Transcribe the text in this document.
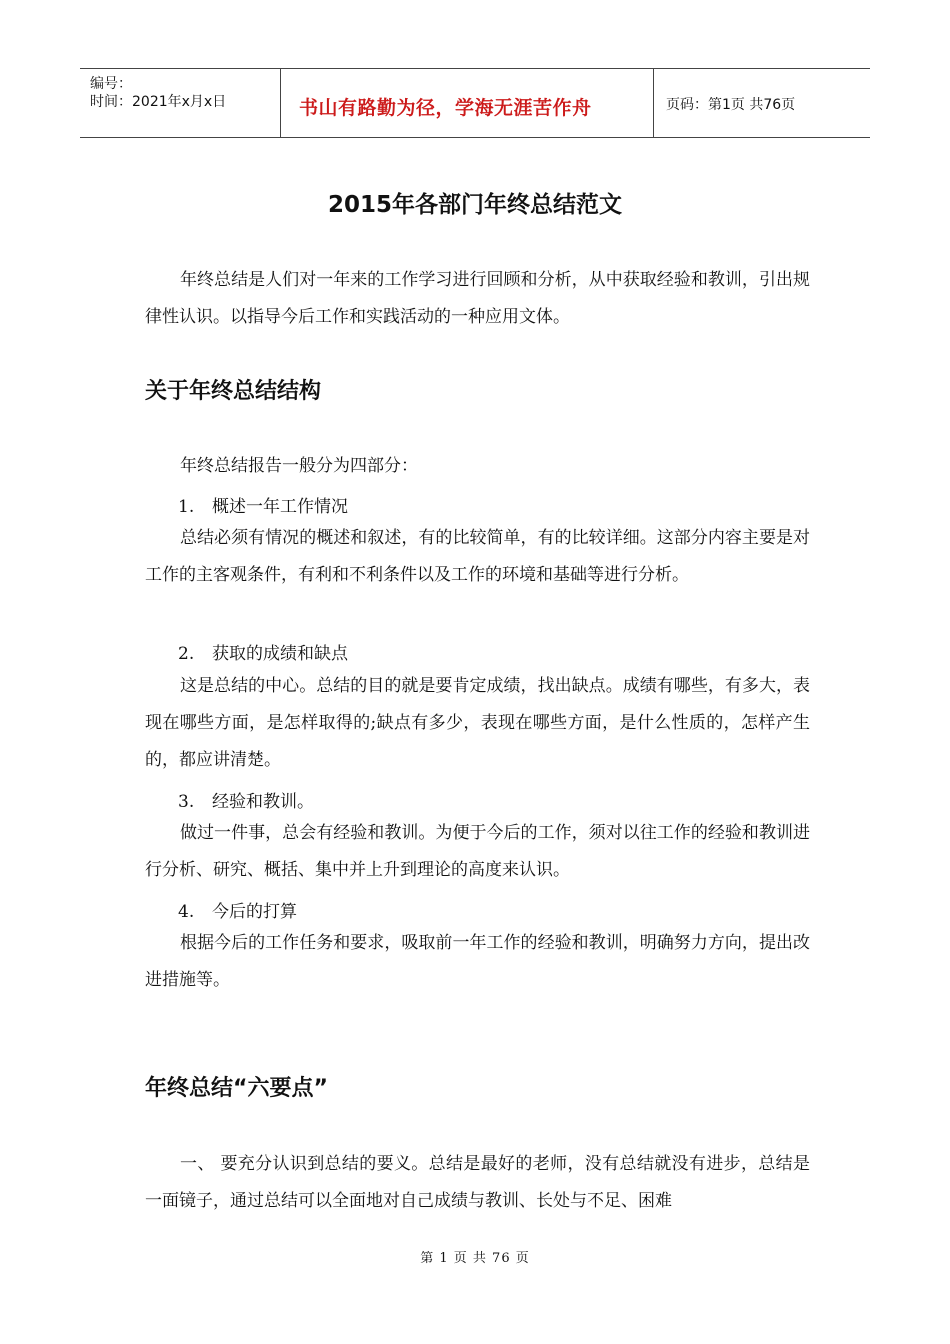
编号：
时间：2021年x月x日	书山有路勤为径，学海无涯苦作舟	页码：第1页 共76页
2015年各部门年终总结范文
年终总结是人们对一年来的工作学习进行回顾和分析，从中获取经验和教训，引出规律性认识。以指导今后工作和实践活动的一种应用文体。
关于年终总结结构
年终总结报告一般分为四部分：
1. 概述一年工作情况
总结必须有情况的概述和叙述，有的比较简单，有的比较详细。这部分内容主要是对工作的主客观条件，有利和不利条件以及工作的环境和基础等进行分析。
2. 获取的成绩和缺点
这是总结的中心。总结的目的就是要肯定成绩，找出缺点。成绩有哪些，有多大，表现在哪些方面，是怎样取得的;缺点有多少，表现在哪些方面，是什么性质的，怎样产生的，都应讲清楚。
3. 经验和教训。
做过一件事，总会有经验和教训。为便于今后的工作，须对以往工作的经验和教训进行分析、研究、概括、集中并上升到理论的高度来认识。
4. 今后的打算
根据今后的工作任务和要求，吸取前一年工作的经验和教训，明确努力方向，提出改进措施等。
年终总结“六要点”
一、 要充分认识到总结的要义。总结是最好的老师，没有总结就没有进步，总结是一面镜子，通过总结可以全面地对自己成绩与教训、长处与不足、困难
第 1 页 共 76 页
